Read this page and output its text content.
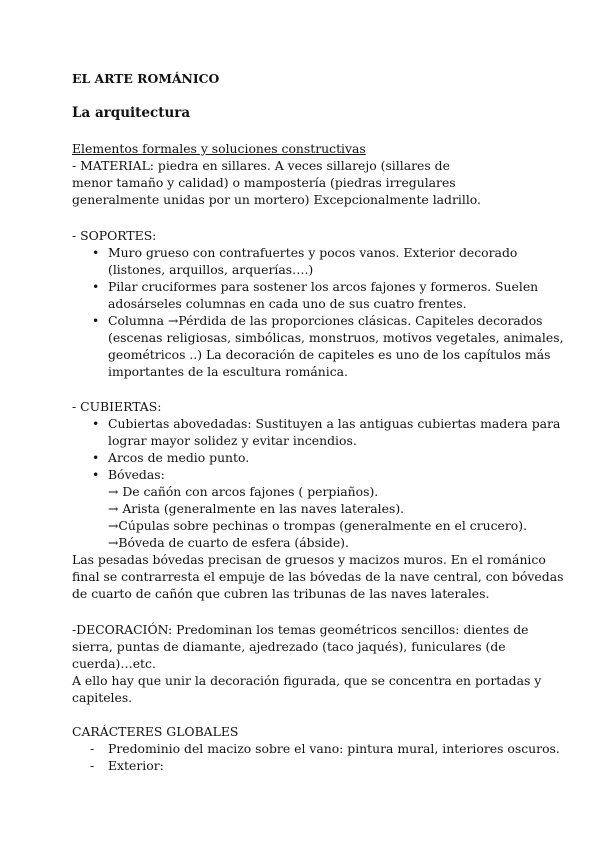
EL ARTE ROMÁNICO

La arquitectura

Elementos formales y soluciones constructivas

- MATERIAL: piedra en sillares. A veces sillarejo (sillares de
menor tamaño y calidad) o mampostería (piedras irregulares
generalmente unidas por un mortero) Excepcionalmente ladrillo.

- SOPORTES:

• Muro grueso con contrafuertes y pocos vanos. Exterior decorado
(listones, arquillos, arquerías….)
• Pilar cruciformes para sostener los arcos fajones y formeros. Suelen
adosárseles columnas en cada uno de sus cuatro frentes.
• Columna →Pérdida de las proporciones clásicas. Capiteles decorados
(escenas religiosas, simbólicas, monstruos, motivos vegetales, animales,
geométricos ..) La decoración de capiteles es uno de los capítulos más
importantes de la escultura románica.

- CUBIERTAS:

• Cubiertas abovedadas: Sustituyen a las antiguas cubiertas madera para
lograr mayor solidez y evitar incendios.
• Arcos de medio punto.
• Bóvedas:
→ De cañón con arcos fajones ( perpiaños).
→ Arista (generalmente en las naves laterales).
→Cúpulas sobre pechinas o trompas (generalmente en el crucero).
→Bóveda de cuarto de esfera (ábside).
Las pesadas bóvedas precisan de gruesos y macizos muros. En el románico
final se contrarresta el empuje de las bóvedas de la nave central, con bóvedas
de cuarto de cañón que cubren las tribunas de las naves laterales.
-DECORACIÓN: Predominan los temas geométricos sencillos: dientes de
sierra, puntas de diamante, ajedrezado (taco jaqués), funiculares (de
cuerda)…etc.
A ello hay que unir la decoración figurada, que se concentra en portadas y
capiteles.

CARÁCTERES GLOBALES

- Predominio del macizo sobre el vano: pintura mural, interiores oscuros.
- Exterior:
